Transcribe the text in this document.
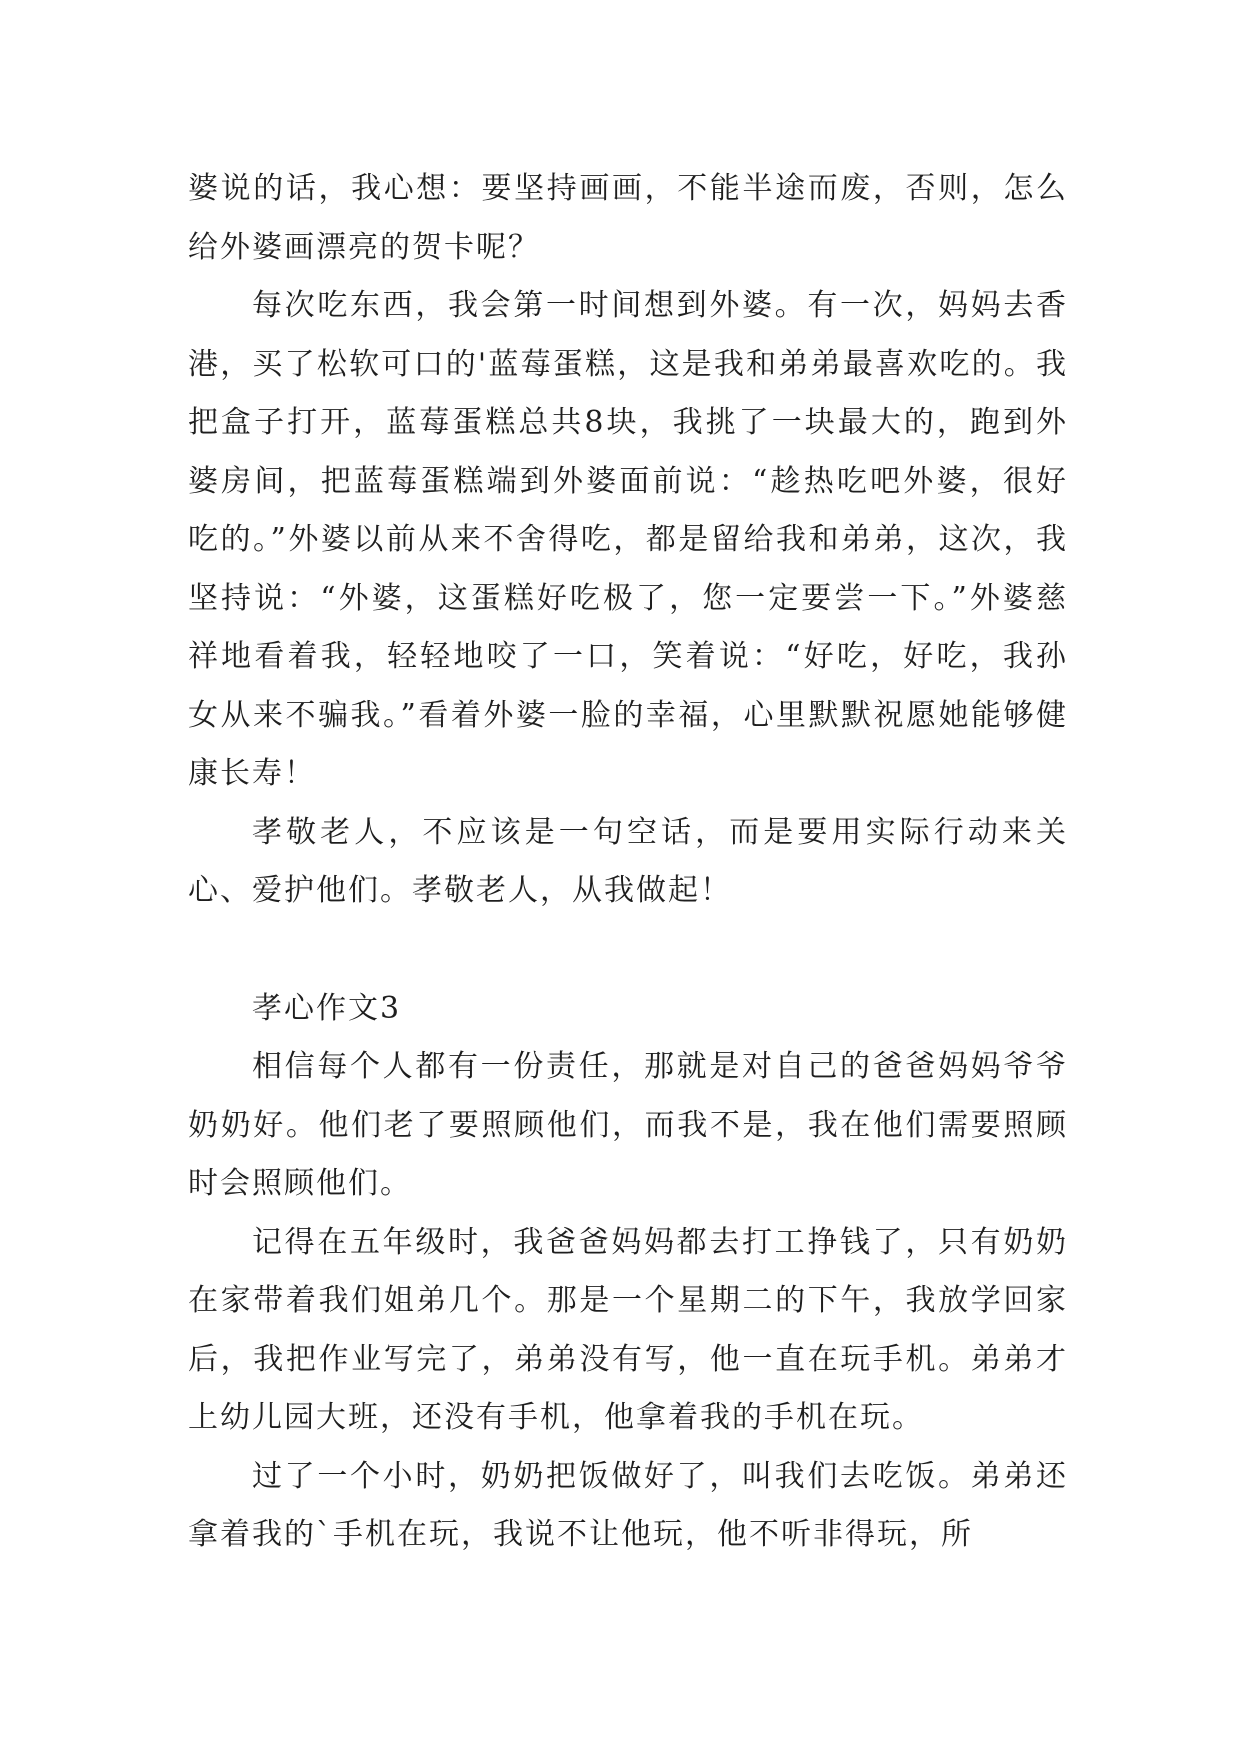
婆说的话，我心想：要坚持画画，不能半途而废，否则，怎么给外婆画漂亮的贺卡呢？

每次吃东西，我会第一时间想到外婆。有一次，妈妈去香港，买了松软可口的'蓝莓蛋糕，这是我和弟弟最喜欢吃的。我把盒子打开，蓝莓蛋糕总共8块，我挑了一块最大的，跑到外婆房间，把蓝莓蛋糕端到外婆面前说：“趁热吃吧外婆，很好吃的。”外婆以前从来不舍得吃，都是留给我和弟弟，这次，我坚持说：“外婆，这蛋糕好吃极了，您一定要尝一下。”外婆慈祥地看着我，轻轻地咬了一口，笑着说：“好吃，好吃，我孙女从来不骗我。”看着外婆一脸的幸福，心里默默祝愿她能够健康长寿！

孝敬老人，不应该是一句空话，而是要用实际行动来关心、爱护他们。孝敬老人，从我做起！

孝心作文3

相信每个人都有一份责任，那就是对自己的爸爸妈妈爷爷奶奶好。他们老了要照顾他们，而我不是，我在他们需要照顾时会照顾他们。

记得在五年级时，我爸爸妈妈都去打工挣钱了，只有奶奶在家带着我们姐弟几个。那是一个星期二的下午，我放学回家后，我把作业写完了，弟弟没有写，他一直在玩手机。弟弟才上幼儿园大班，还没有手机，他拿着我的手机在玩。

过了一个小时，奶奶把饭做好了，叫我们去吃饭。弟弟还拿着我的`手机在玩，我说不让他玩，他不听非得玩，所
